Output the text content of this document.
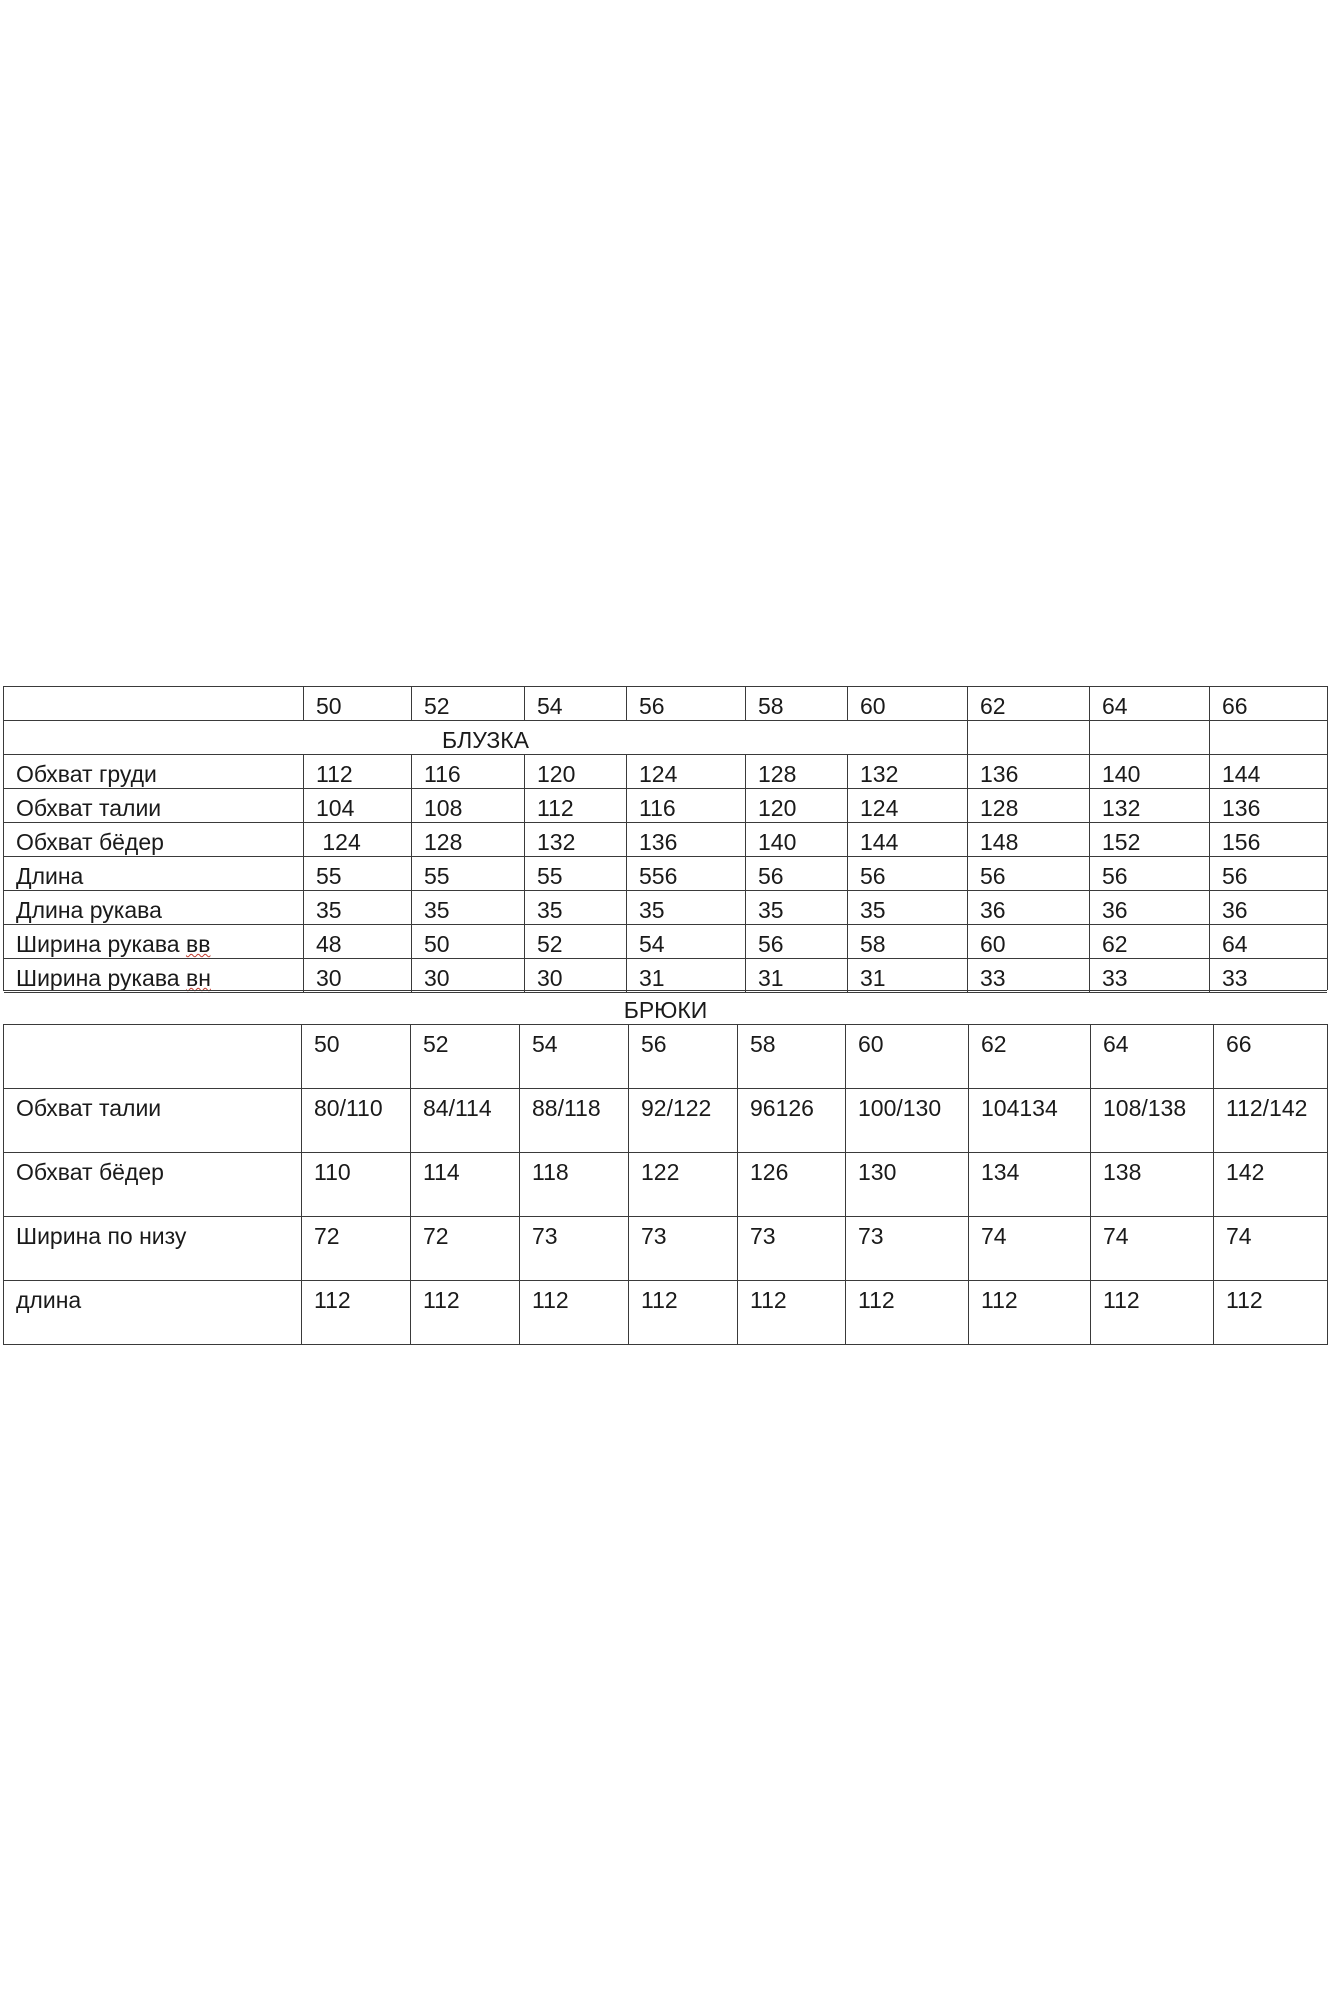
	50	52	54	56	58	60	62	64	66
БЛУЗКА									
Обхват груди	112	116	120	124	128	132	136	140	144
Обхват талии	104	108	112	116	120	124	128	132	136
Обхват бёдер	124	128	132	136	140	144	148	152	156
Длина	55	55	55	556	56	56	56	56	56
Длина рукава	35	35	35	35	35	35	36	36	36
Ширина рукава вв	48	50	52	54	56	58	60	62	64
Ширина рукава вн	30	30	30	31	31	31	33	33	33
БРЮКИ									
	50	52	54	56	58	60	62	64	66
Обхват талии	80/110	84/114	88/118	92/122	96126	100/130	104134	108/138	112/142
Обхват бёдер	110	114	118	122	126	130	134	138	142
Ширина по низу	72	72	73	73	73	73	74	74	74
длина	112	112	112	112	112	112	112	112	112
